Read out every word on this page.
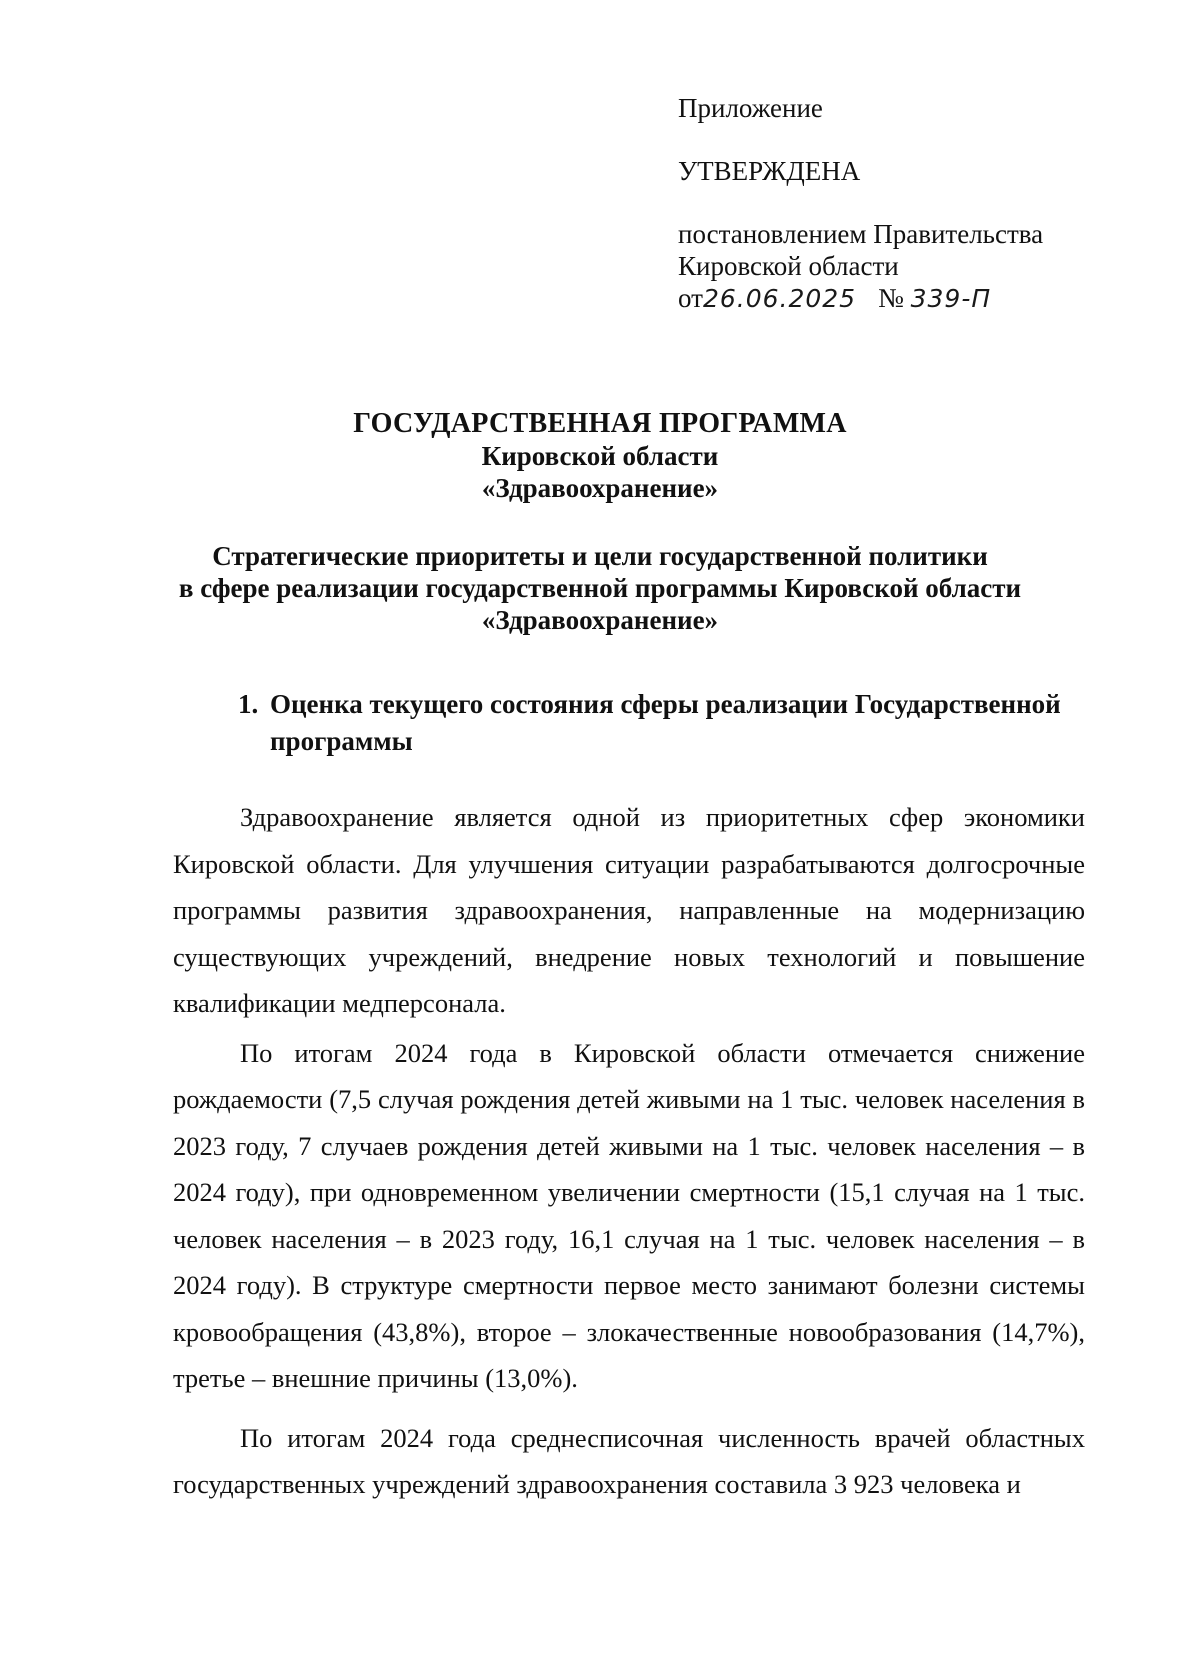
Приложение
УТВЕРЖДЕНА
постановлением Правительства
Кировской области
от26.06.2025 № 339-П
ГОСУДАРСТВЕННАЯ ПРОГРАММА
Кировской области
«Здравоохранение»
Стратегические приоритеты и цели государственной политики
в сфере реализации государственной программы Кировской области
«Здравоохранение»
1. Оценка текущего состояния сферы реализации Государственной
программы

Здравоохранение является одной из приоритетных сфер экономики Кировской области. Для улучшения ситуации разрабатываются долгосрочные программы развития здравоохранения, направленные на модернизацию существующих учреждений, внедрение новых технологий и повышение квалификации медперсонала.

По итогам 2024 года в Кировской области отмечается снижение рождаемости (7,5 случая рождения детей живыми на 1 тыс. человек населения в 2023 году, 7 случаев рождения детей живыми на 1 тыс. человек населения – в 2024 году), при одновременном увеличении смертности (15,1 случая на 1 тыс. человек населения – в 2023 году, 16,1 случая на 1 тыс. человек населения – в 2024 году). В структуре смертности первое место занимают болезни системы кровообращения (43,8%), второе – злокачественные новообразования (14,7%), третье – внешние причины (13,0%).

По итогам 2024 года среднесписочная численность врачей областных государственных учреждений здравоохранения составила 3 923 человека и
